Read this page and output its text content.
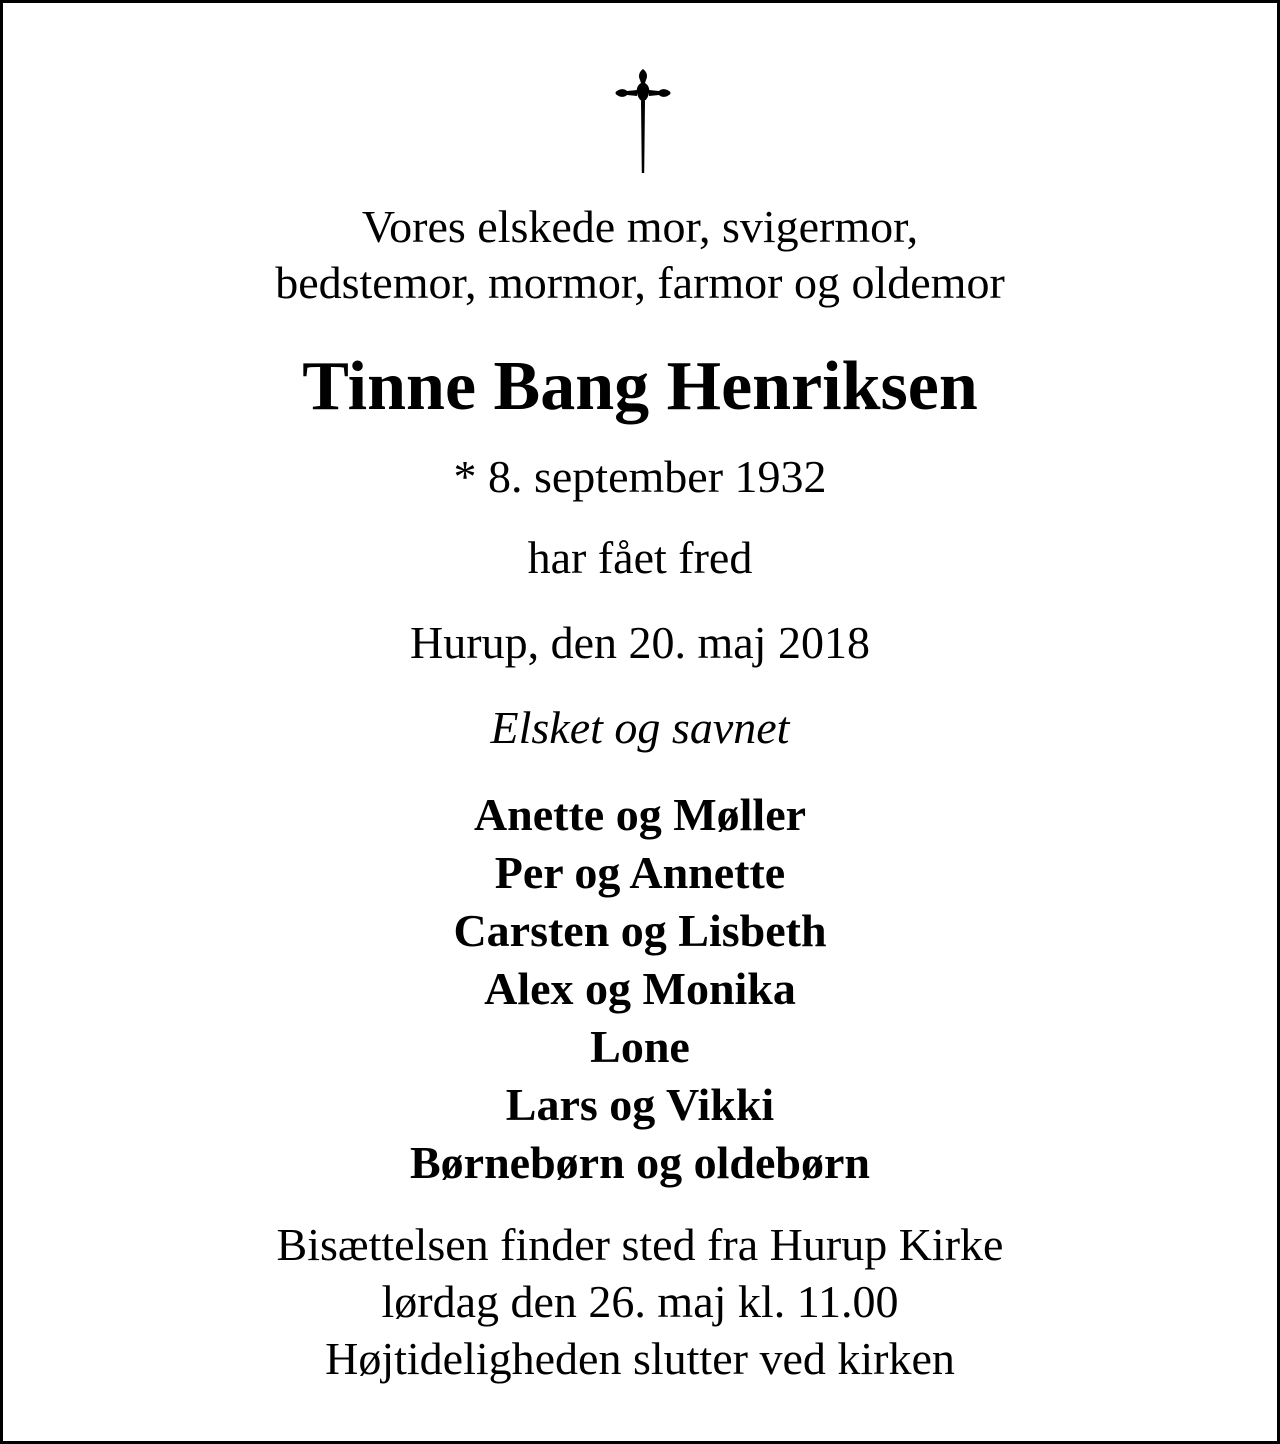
Vores elskede mor, svigermor,
bedstemor, mormor, farmor og oldemor
Tinne Bang Henriksen
* 8. september 1932
har fået fred
Hurup, den 20. maj 2018
Elsket og savnet
Anette og Møller
Per og Annette
Carsten og Lisbeth
Alex og Monika
Lone
Lars og Vikki
Børnebørn og oldebørn
Bisættelsen finder sted fra Hurup Kirke
lørdag den 26. maj kl. 11.00
Højtideligheden slutter ved kirken
